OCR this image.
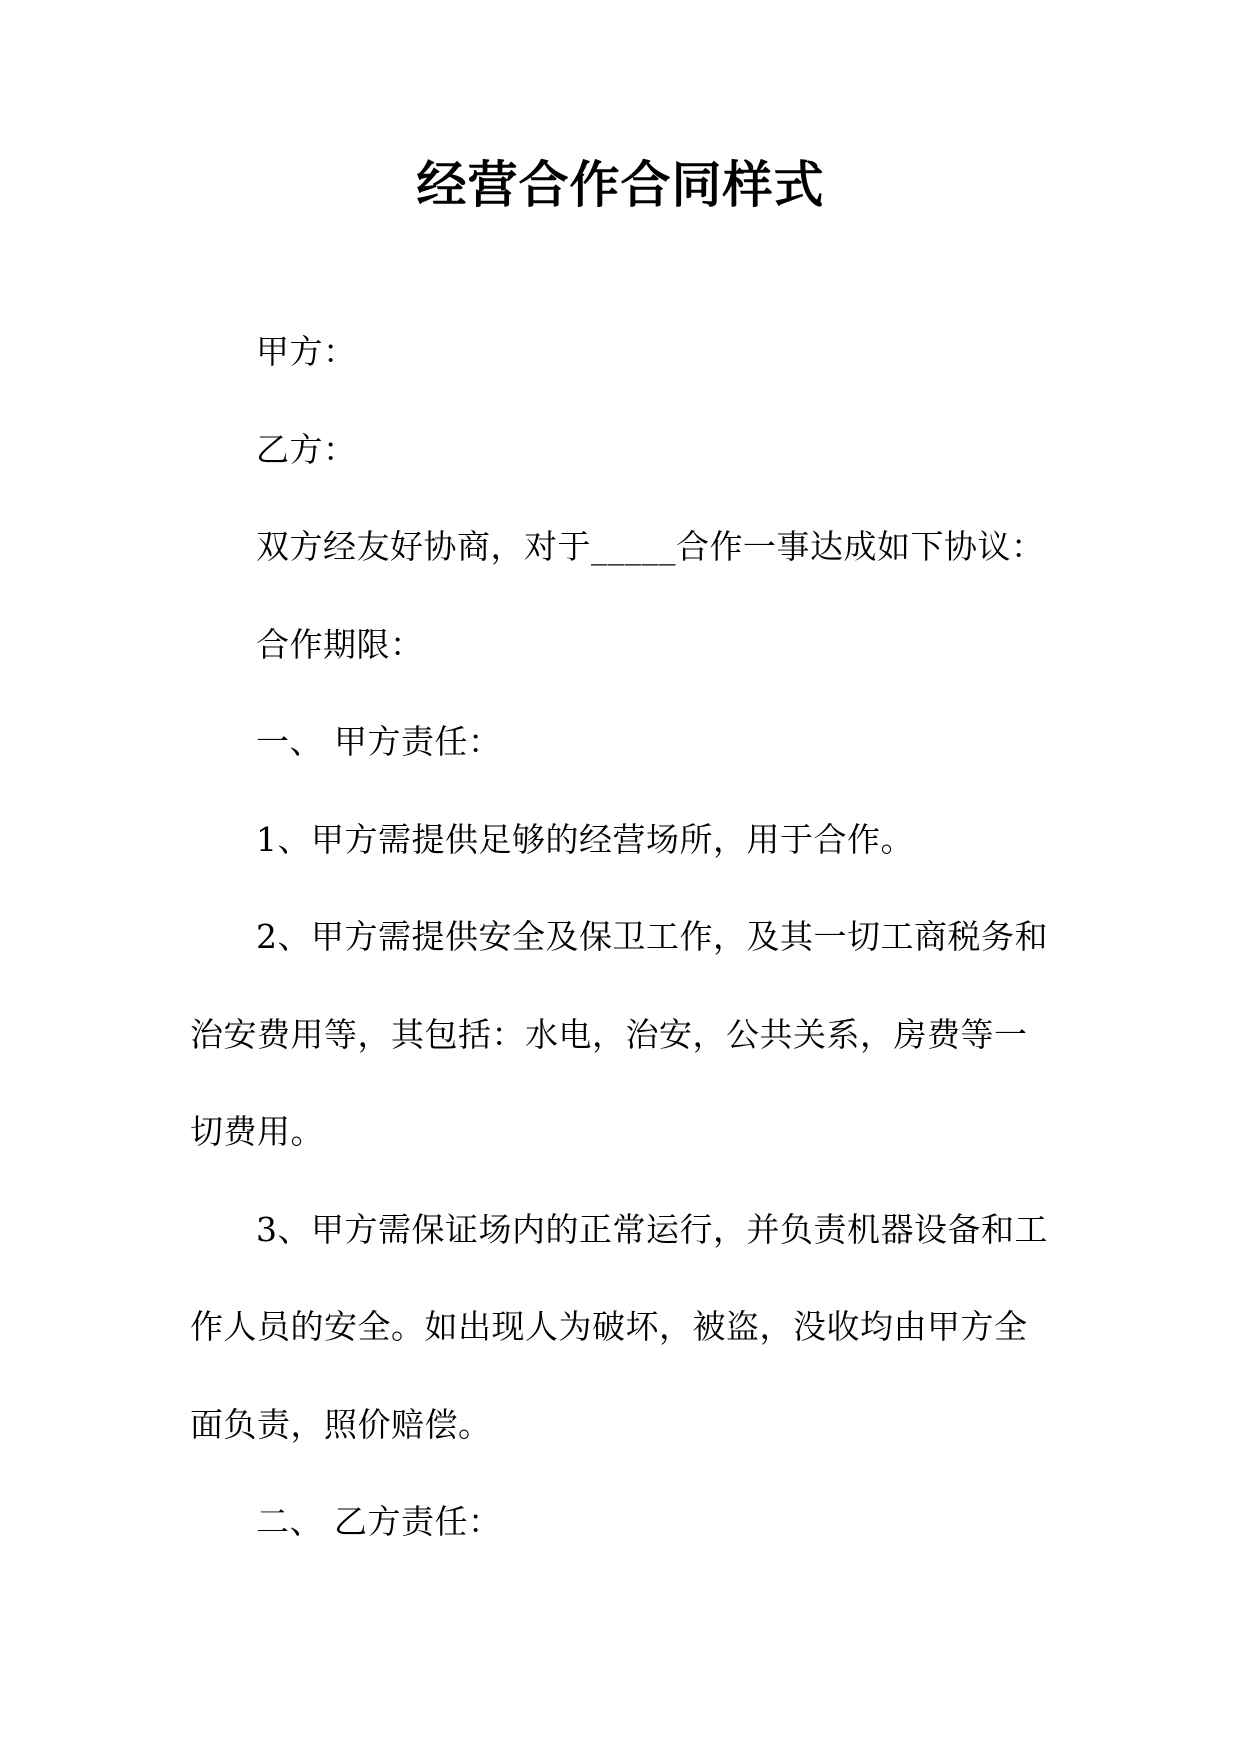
经营合作合同样式

甲方：

乙方：

双方经友好协商，对于_____合作一事达成如下协议：

合作期限：

一、 甲方责任：

1、甲方需提供足够的经营场所，用于合作。

2、甲方需提供安全及保卫工作，及其一切工商税务和治安费用等，其包括：水电，治安，公共关系，房费等一切费用。

3、甲方需保证场内的正常运行，并负责机器设备和工作人员的安全。如出现人为破坏，被盗，没收均由甲方全面负责，照价赔偿。

二、 乙方责任：
